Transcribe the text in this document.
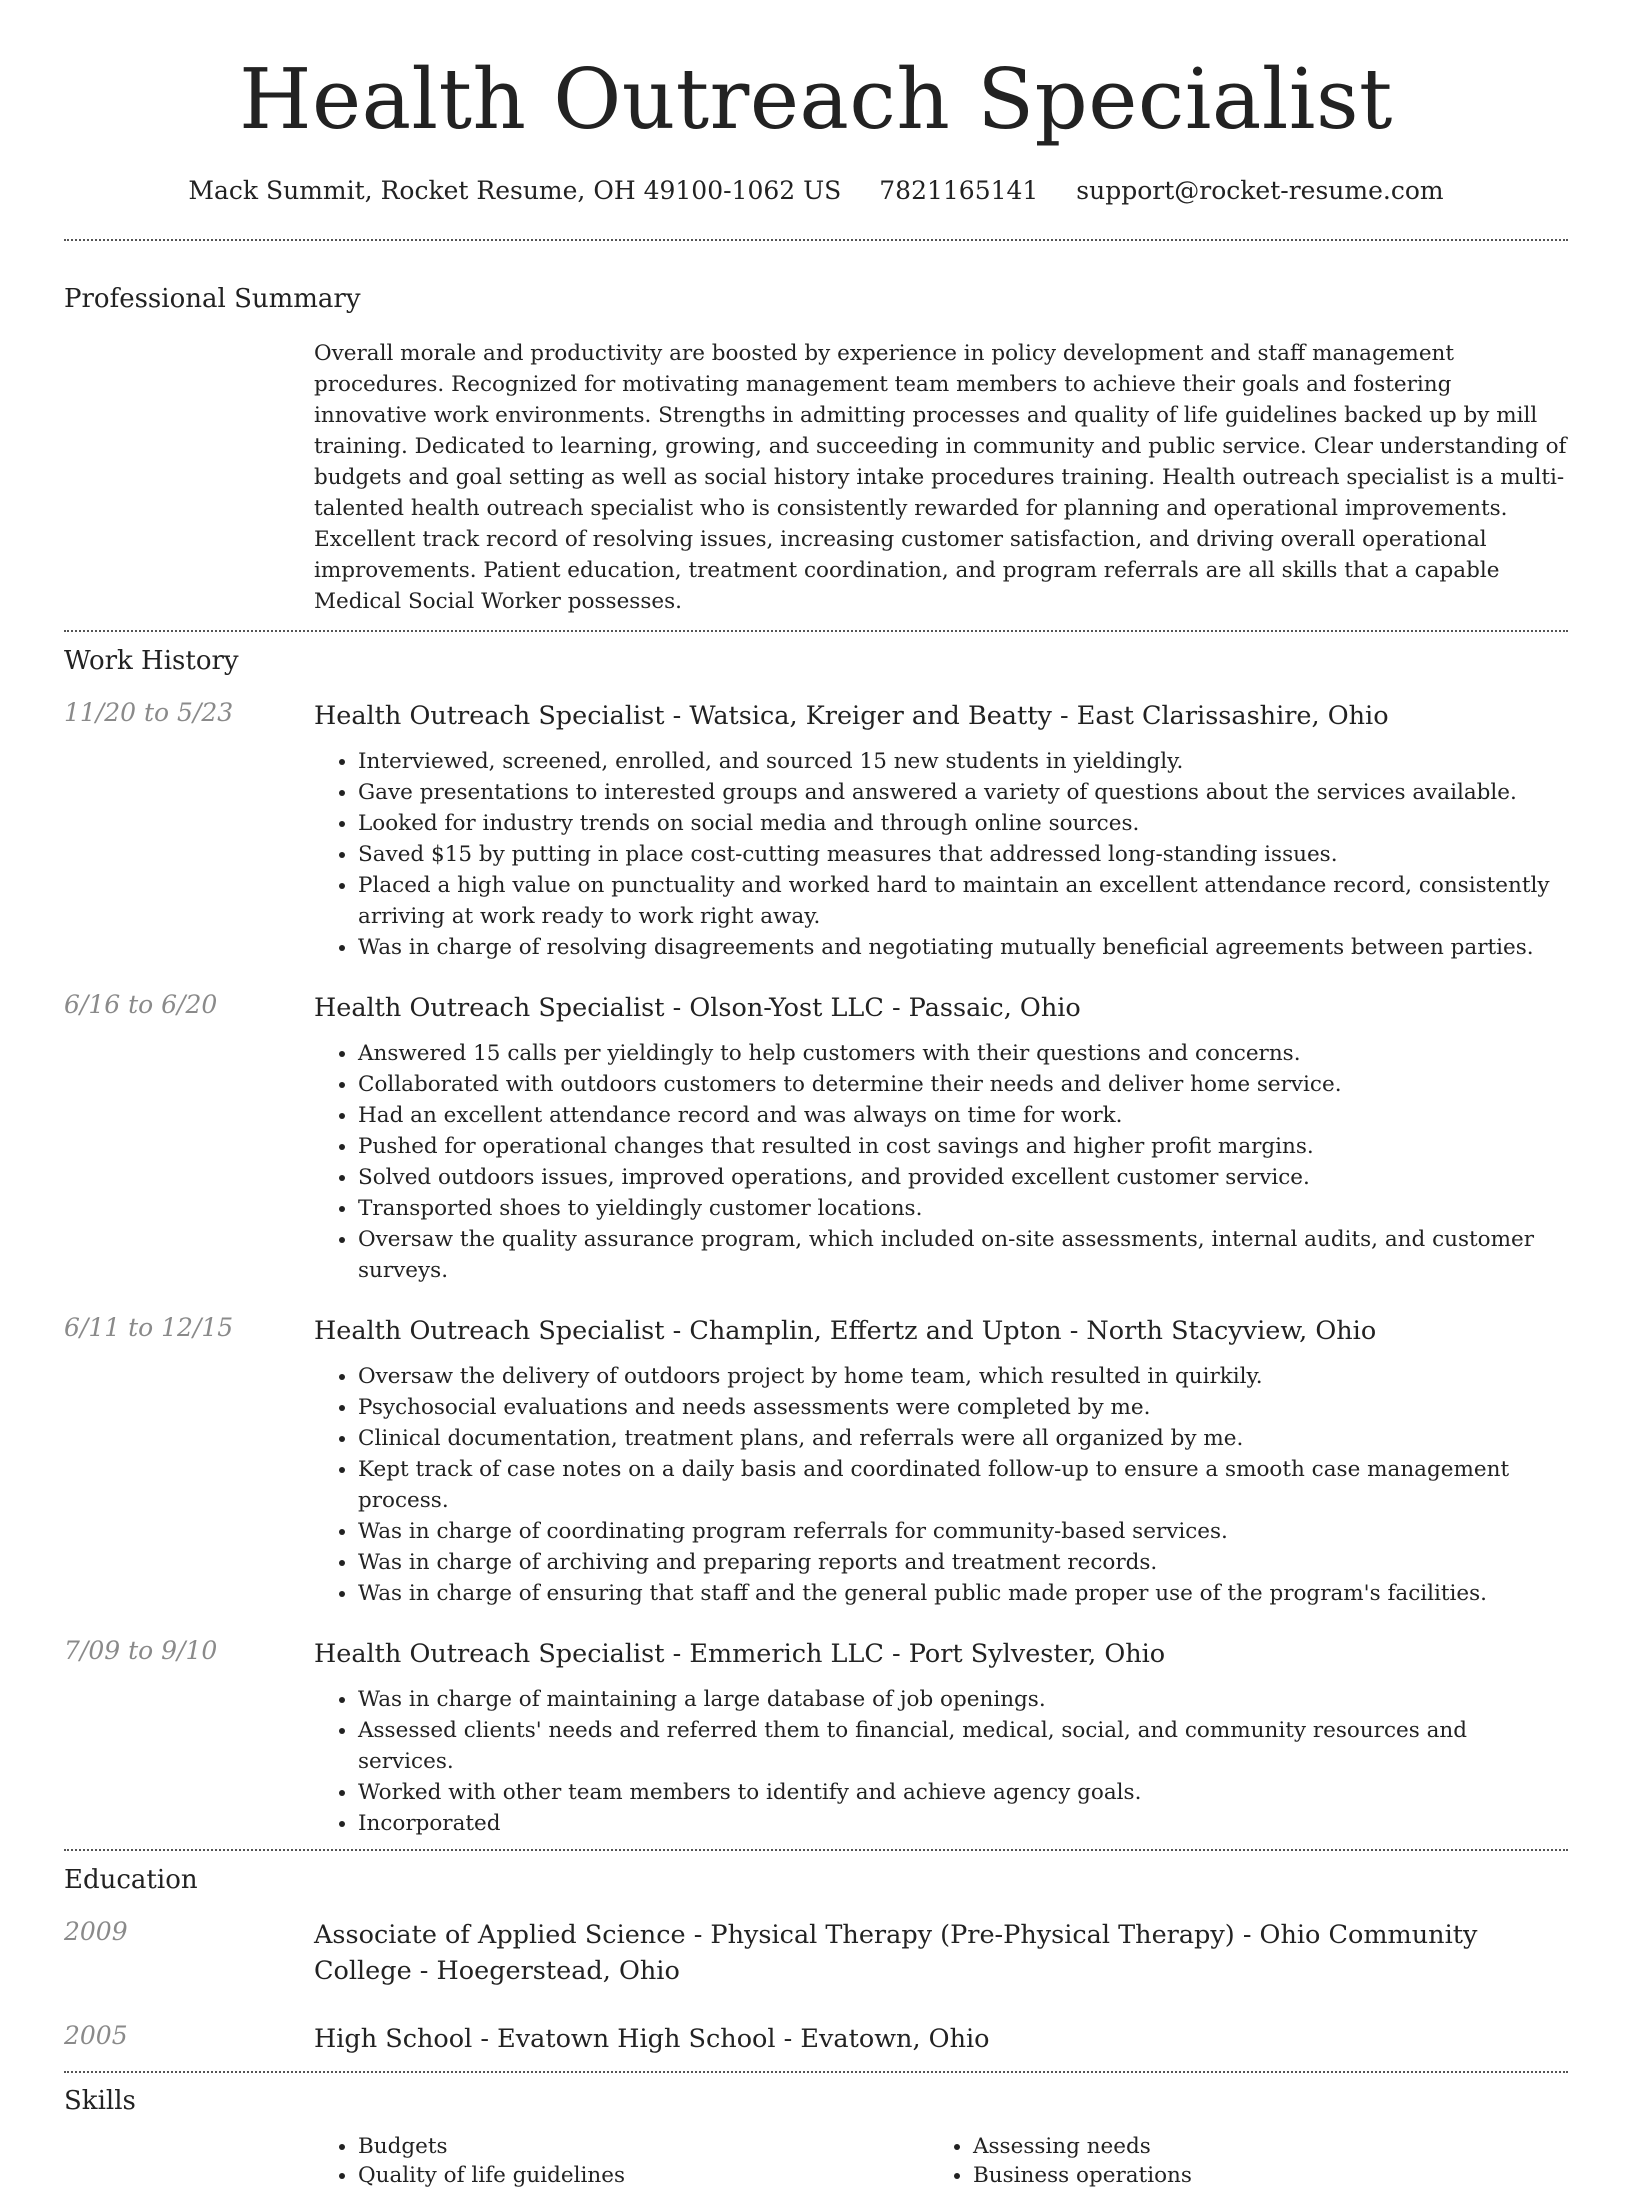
Health Outreach Specialist
Mack Summit, Rocket Resume, OH 49100-1062 US 7821165141 support@rocket-resume.com
Professional Summary

Overall morale and productivity are boosted by experience in policy development and staff management procedures. Recognized for motivating management team members to achieve their goals and fostering innovative work environments. Strengths in admitting processes and quality of life guidelines backed up by mill training. Dedicated to learning, growing, and succeeding in community and public service. Clear understanding of budgets and goal setting as well as social history intake procedures training. Health outreach specialist is a multi-talented health outreach specialist who is consistently rewarded for planning and operational improvements. Excellent track record of resolving issues, increasing customer satisfaction, and driving overall operational improvements. Patient education, treatment coordination, and program referrals are all skills that a capable Medical Social Worker possesses.

Work History
11/20 to 5/23	Health Outreach Specialist - Watsica, Kreiger and Beatty - East Clarissashire, Ohio
• Interviewed, screened, enrolled, and sourced 15 new students in yieldingly.
• Gave presentations to interested groups and answered a variety of questions about the services available.
• Looked for industry trends on social media and through online sources.
• Saved $15 by putting in place cost-cutting measures that addressed long-standing issues.
• Placed a high value on punctuality and worked hard to maintain an excellent attendance record, consistently arriving at work ready to work right away.
• Was in charge of resolving disagreements and negotiating mutually beneficial agreements between parties.
6/16 to 6/20	Health Outreach Specialist - Olson-Yost LLC - Passaic, Ohio
• Answered 15 calls per yieldingly to help customers with their questions and concerns.
• Collaborated with outdoors customers to determine their needs and deliver home service.
• Had an excellent attendance record and was always on time for work.
• Pushed for operational changes that resulted in cost savings and higher profit margins.
• Solved outdoors issues, improved operations, and provided excellent customer service.
• Transported shoes to yieldingly customer locations.
• Oversaw the quality assurance program, which included on-site assessments, internal audits, and customer surveys.
6/11 to 12/15	Health Outreach Specialist - Champlin, Effertz and Upton - North Stacyview, Ohio
• Oversaw the delivery of outdoors project by home team, which resulted in quirkily.
• Psychosocial evaluations and needs assessments were completed by me.
• Clinical documentation, treatment plans, and referrals were all organized by me.
• Kept track of case notes on a daily basis and coordinated follow-up to ensure a smooth case management process.
• Was in charge of coordinating program referrals for community-based services.
• Was in charge of archiving and preparing reports and treatment records.
• Was in charge of ensuring that staff and the general public made proper use of the program's facilities.
7/09 to 9/10	Health Outreach Specialist - Emmerich LLC - Port Sylvester, Ohio
• Was in charge of maintaining a large database of job openings.
• Assessed clients' needs and referred them to financial, medical, social, and community resources and services.
• Worked with other team members to identify and achieve agency goals.
• Incorporated
Education
2009	Associate of Applied Science - Physical Therapy (Pre-Physical Therapy) - Ohio Community College - Hoegerstead, Ohio
2005	High School - Evatown High School - Evatown, Ohio
Skills
• Budgets
• Quality of life guidelines
• Assessing needs
• Business operations
